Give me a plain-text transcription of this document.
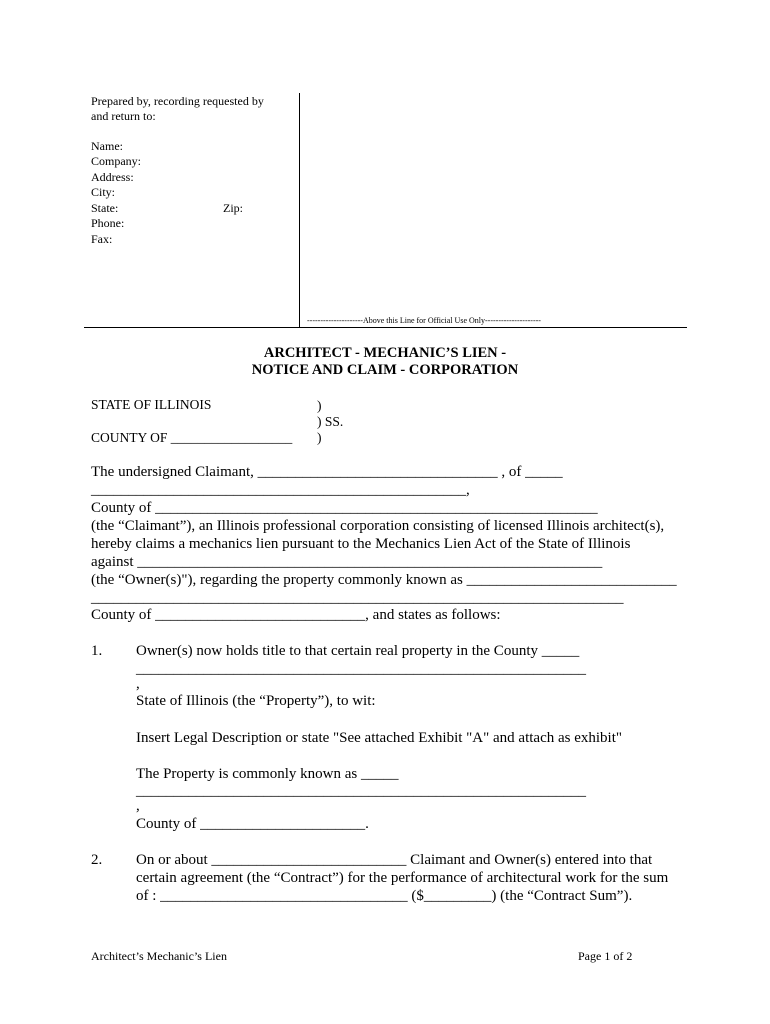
Prepared by, recording requested by
and return to:
Name:
Company:
Address:
City:
State:	Zip:
Phone:
Fax:
---------------------Above this Line for Official Use Only---------------------
ARCHITECT - MECHANIC’S LIEN -
NOTICE AND CLAIM - CORPORATION
STATE OF ILLINOIS	)
) SS.
COUNTY OF __________________ )
The undersigned Claimant, ________________________________ , of _____
__________________________________________________,
County of ___________________________________________________________
(the “Claimant”), an Illinois professional corporation consisting of licensed Illinois architect(s),
hereby claims a mechanics lien pursuant to the Mechanics Lien Act of the State of Illinois
against ______________________________________________________________
(the “Owner(s)"), regarding the property commonly known as ____________________________
_______________________________________________________________________
County of ____________________________, and states as follows:
1. Owner(s) now holds title to that certain real property in the County _____
____________________________________________________________
,
State of Illinois (the “Property”), to wit:
Insert Legal Description or state "See attached Exhibit "A" and attach as exhibit"
The Property is commonly known as _____
____________________________________________________________
,
County of ______________________.
2. On or about __________________________ Claimant and Owner(s) entered into that
certain agreement (the “Contract”) for the performance of architectural work for the sum
of : _________________________________ ($_________) (the “Contract Sum”).
Architect’s Mechanic’s Lien	Page 1 of 2
